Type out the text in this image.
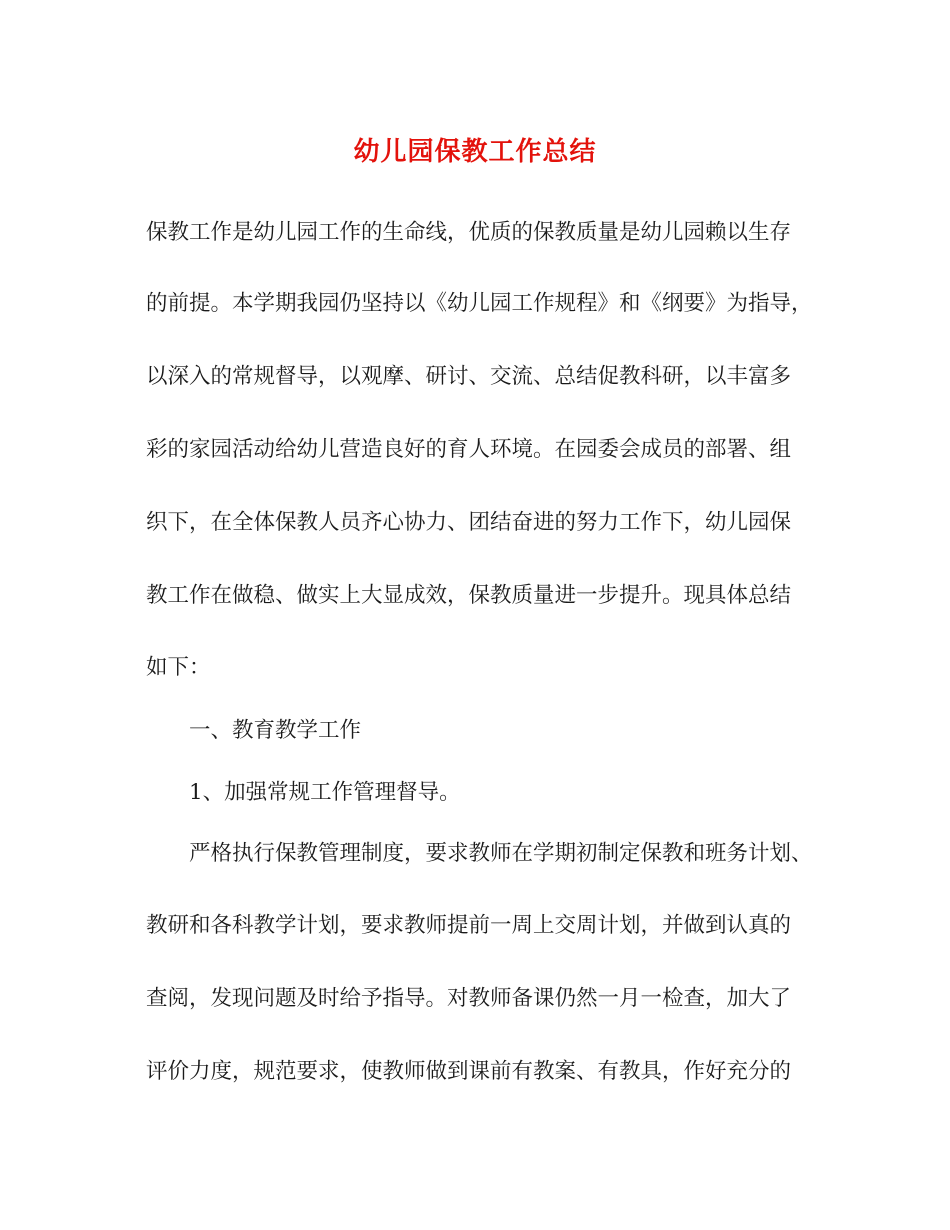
幼儿园保教工作总结
保教工作是幼儿园工作的生命线，优质的保教质量是幼儿园赖以生存
的前提。本学期我园仍坚持以《幼儿园工作规程》和《纲要》为指导，
以深入的常规督导，以观摩、研讨、交流、总结促教科研，以丰富多
彩的家园活动给幼儿营造良好的育人环境。在园委会成员的部署、组
织下，在全体保教人员齐心协力、团结奋进的努力工作下，幼儿园保
教工作在做稳、做实上大显成效，保教质量进一步提升。现具体总结
如下：
一、教育教学工作
1、加强常规工作管理督导。
严格执行保教管理制度，要求教师在学期初制定保教和班务计划、
教研和各科教学计划，要求教师提前一周上交周计划，并做到认真的
查阅，发现问题及时给予指导。对教师备课仍然一月一检查，加大了
评价力度，规范要求，使教师做到课前有教案、有教具，作好充分的
